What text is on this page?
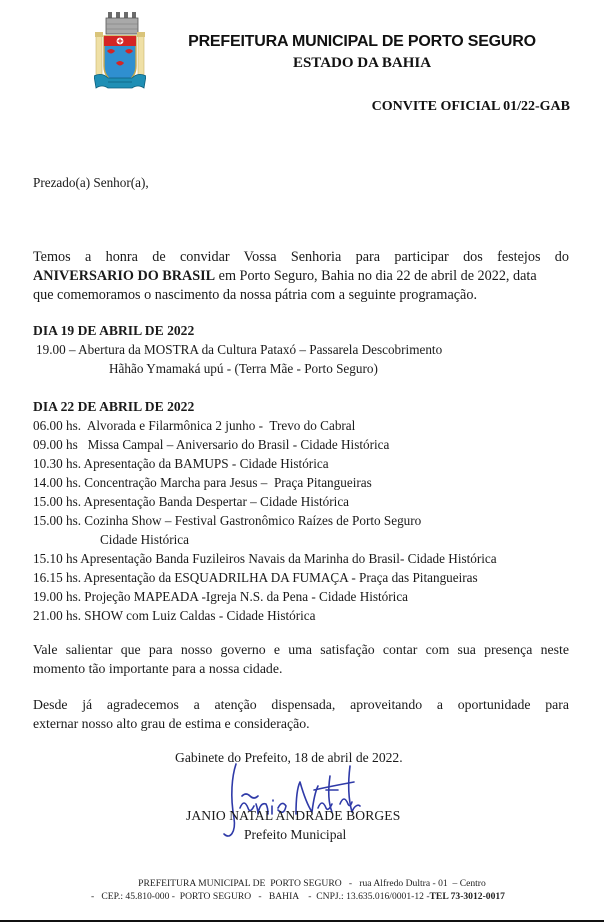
PREFEITURA MUNICIPAL DE PORTO SEGURO
ESTADO DA BAHIA
CONVITE OFICIAL 01/22-GAB
Prezado(a) Senhor(a),
Temos a honra de convidar Vossa Senhoria para participar dos festejos do
ANIVERSARIO DO BRASIL em Porto Seguro, Bahia no dia 22 de abril de 2022, data
que comemoramos o nascimento da nossa pátria com a seguinte programação.
DIA 19 DE ABRIL DE 2022
19.00 – Abertura da MOSTRA da Cultura Pataxó – Passarela Descobrimento
Hãhão Ymamaká upú - (Terra Mãe - Porto Seguro)
DIA 22 DE ABRIL DE 2022
06.00 hs.  Alvorada e Filarmônica 2 junho -  Trevo do Cabral
09.00 hs   Missa Campal – Aniversario do Brasil - Cidade Histórica
10.30 hs. Apresentação da BAMUPS - Cidade Histórica
14.00 hs. Concentração Marcha para Jesus –  Praça Pitangueiras
15.00 hs. Apresentação Banda Despertar – Cidade Histórica
15.00 hs. Cozinha Show – Festival Gastronômico Raízes de Porto Seguro
Cidade Histórica
15.10 hs Apresentação Banda Fuzileiros Navais da Marinha do Brasil- Cidade Histórica
16.15 hs. Apresentação da ESQUADRILHA DA FUMAÇA - Praça das Pitangueiras
19.00 hs. Projeção MAPEADA -Igreja N.S. da Pena - Cidade Histórica
21.00 hs. SHOW com Luiz Caldas - Cidade Histórica
Vale salientar que para nosso governo e uma satisfação contar com sua presença neste
momento tão importante para a nossa cidade.
Desde já agradecemos a atenção dispensada, aproveitando a oportunidade para
externar nosso alto grau de estima e consideração.
Gabinete do Prefeito, 18 de abril de 2022.
JANIO NATAL ANDRADE BORGES
Prefeito Municipal
PREFEITURA MUNICIPAL DE  PORTO SEGURO   -   rua Alfredo Dultra - 01  – Centro
-   CEP.: 45.810-000 -  PORTO SEGURO   -   BAHIA    -  CNPJ.: 13.635.016/0001-12 -TEL 73-3012-0017
